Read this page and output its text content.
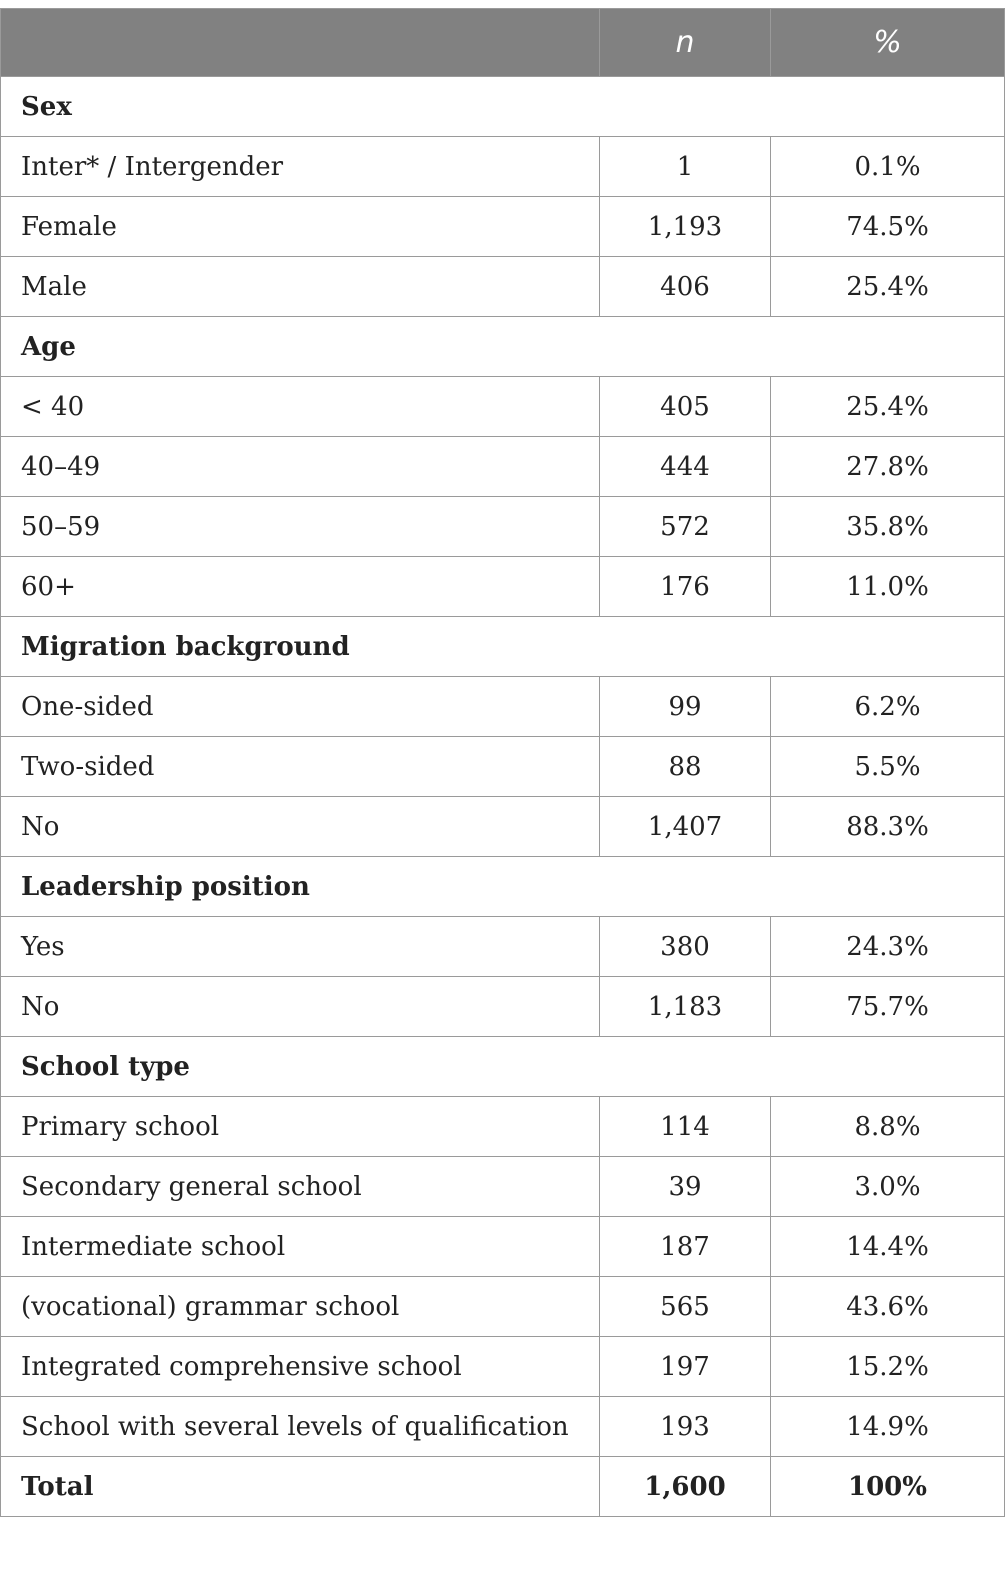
	n	%
Sex		
Inter* / Intergender	1	0.1%
Female	1,193	74.5%
Male	406	25.4%
Age		
< 40	405	25.4%
40–49	444	27.8%
50–59	572	35.8%
60+	176	11.0%
Migration background		
One-sided	99	6.2%
Two-sided	88	5.5%
No	1,407	88.3%
Leadership position		
Yes	380	24.3%
No	1,183	75.7%
School type		
Primary school	114	8.8%
Secondary general school	39	3.0%
Intermediate school	187	14.4%
(vocational) grammar school	565	43.6%
Integrated comprehensive school	197	15.2%
School with several levels of qualification	193	14.9%
Total	1,600	100%
